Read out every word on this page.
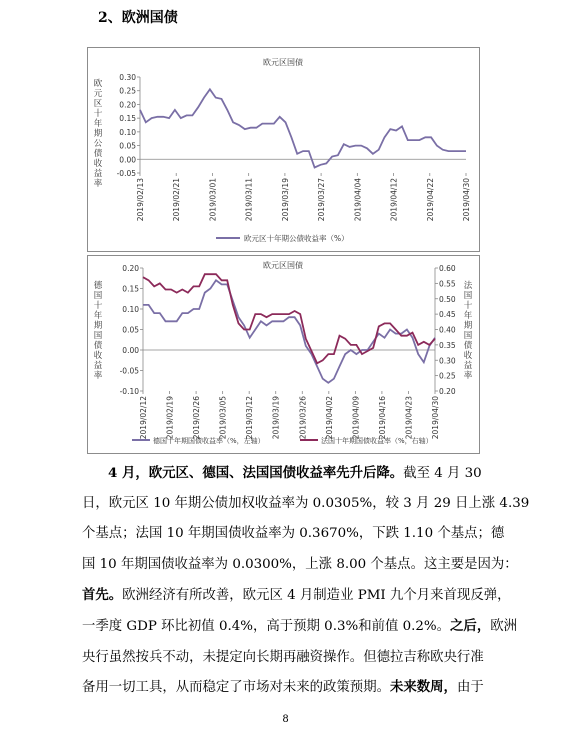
2、欧洲国债
欧元区国债
欧元区十年期公债收益率
0.30
0.25
0.20
0.15
0.10
0.05
0.00
-0.05
2019/02/13	2019/02/21	2019/03/01	2019/03/11	2019/03/19	2019/03/27	2019/04/04	2019/04/12	2019/04/22	2019/04/30
欧元区十年期公债收益率（%）
欧元区国债
德国十年期国债收益率
法国十年期国债收益率
0.20
0.15
0.10
0.05
0.00
-0.05
-0.10
0.60
0.55
0.50
0.45
0.40
0.35
0.30
0.25
0.20
2019/02/12 2019/02/19 2019/02/26 2019/03/05 2019/03/12 2019/03/19 2019/03/26 2019/04/02 2019/04/09 2019/04/16 2019/04/23 2019/04/30
德国十年期国债收益率（%，左轴）	法国十年期国债收益率（%，右轴）
4 月，欧元区、德国、法国国债收益率先升后降。截至 4 月 30
日，欧元区 10 年期公债加权收益率为 0.0305%，较 3 月 29 日上涨 4.39
个基点；法国 10 年期国债收益率为 0.3670%，下跌 1.10 个基点；德
国 10 年期国债收益率为 0.0300%，上涨 8.00 个基点。这主要是因为：
首先。欧洲经济有所改善，欧元区 4 月制造业 PMI 九个月来首现反弹，
一季度 GDP 环比初值 0.4%，高于预期 0.3%和前值 0.2%。之后，欧洲
央行虽然按兵不动，未提定向长期再融资操作。但德拉吉称欧央行准
备用一切工具，从而稳定了市场对未来的政策预期。未来数周，由于
8
